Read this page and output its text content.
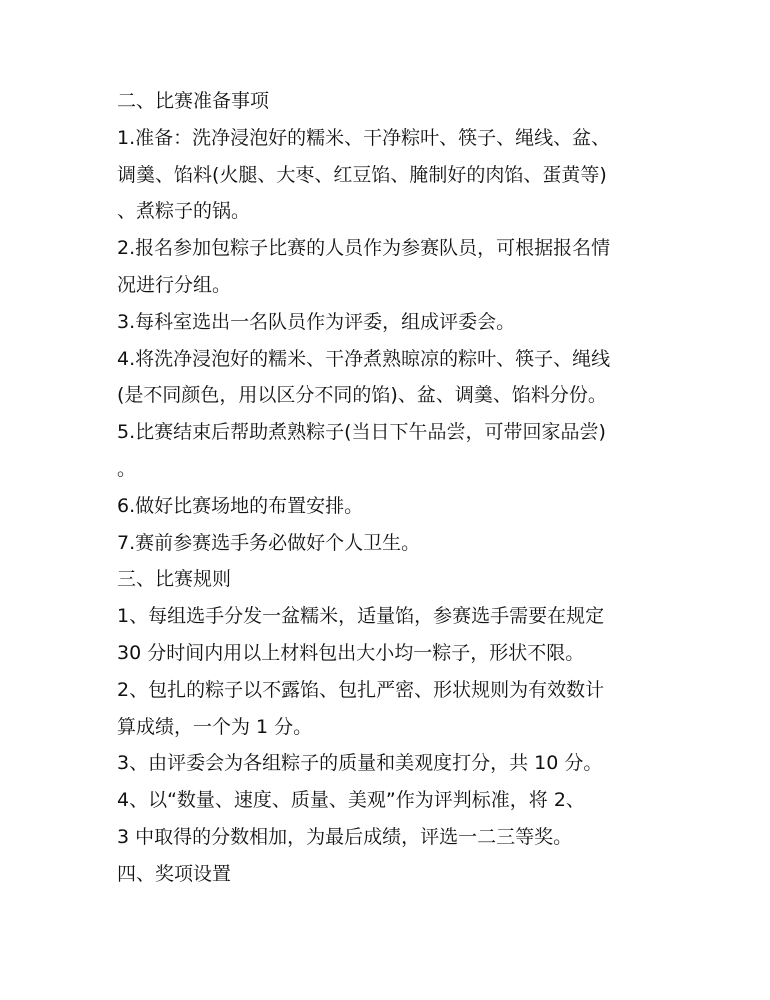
二、比赛准备事项
1.准备：洗净浸泡好的糯米、干净粽叶、筷子、绳线、盆、
调羹、馅料(火腿、大枣、红豆馅、腌制好的肉馅、蛋黄等)
、煮粽子的锅。
2.报名参加包粽子比赛的人员作为参赛队员，可根据报名情
况进行分组。
3.每科室选出一名队员作为评委，组成评委会。
4.将洗净浸泡好的糯米、干净煮熟晾凉的粽叶、筷子、绳线
(是不同颜色，用以区分不同的馅)、盆、调羹、馅料分份。
5.比赛结束后帮助煮熟粽子(当日下午品尝，可带回家品尝)
。
6.做好比赛场地的布置安排。
7.赛前参赛选手务必做好个人卫生。
三、比赛规则
1、每组选手分发一盆糯米，适量馅，参赛选手需要在规定
30 分时间内用以上材料包出大小均一粽子，形状不限。
2、包扎的粽子以不露馅、包扎严密、形状规则为有效数计
算成绩，一个为 1 分。
3、由评委会为各组粽子的质量和美观度打分，共 10 分。
4、以“数量、速度、质量、美观”作为评判标准，将 2、
3 中取得的分数相加，为最后成绩，评选一二三等奖。
四、奖项设置
